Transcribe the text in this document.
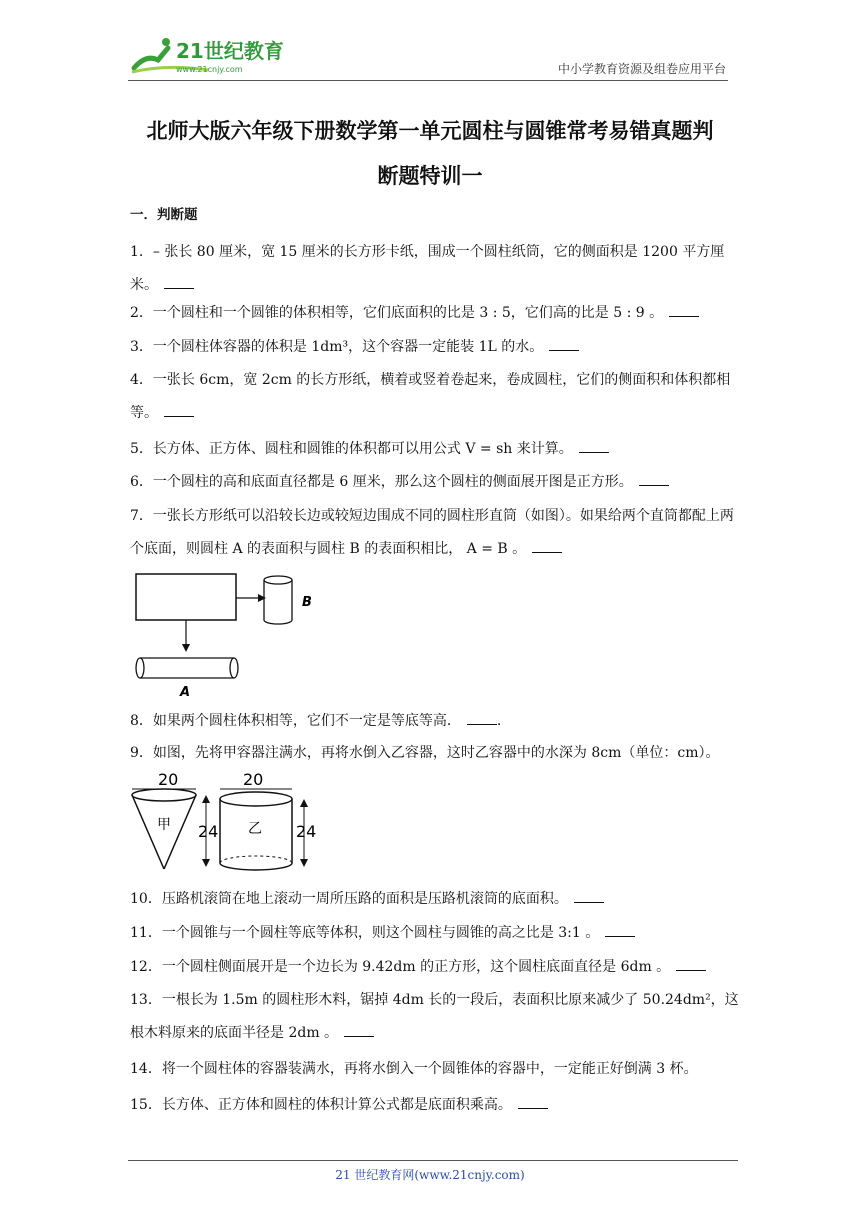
21世纪教育
www.21cnjy.com	中小学教育资源及组卷应用平台
北师大版六年级下册数学第一单元圆柱与圆锥常考易错真题判
断题特训一
一．判断题
1．– 张长 80 厘米，宽 15 厘米的长方形卡纸，围成一个圆柱纸筒，它的侧面积是 1200 平方厘米。
2．一个圆柱和一个圆锥的体积相等，它们底面积的比是 3 : 5，它们高的比是 5 : 9 。
3．一个圆柱体容器的体积是 1dm³，这个容器一定能装 1L 的水。
4．一张长 6cm，宽 2cm 的长方形纸，横着或竖着卷起来，卷成圆柱，它们的侧面积和体积都相等。
5．长方体、正方体、圆柱和圆锥的体积都可以用公式 V = sh 来计算。
6．一个圆柱的高和底面直径都是 6 厘米，那么这个圆柱的侧面展开图是正方形。
7．一张长方形纸可以沿较长边或较短边围成不同的圆柱形直筒（如图）。如果给两个直筒都配上两个底面，则圆柱 A 的表面积与圆柱 B 的表面积相比， A = B 。
B
A
8．如果两个圆柱体积相等，它们不一定是等底等高．	.
9．如图，先将甲容器注满水，再将水倒入乙容器，这时乙容器中的水深为 8cm（单位：cm）。
20
甲 24
20
乙 24
10．压路机滚筒在地上滚动一周所压路的面积是压路机滚筒的底面积。
11．一个圆锥与一个圆柱等底等体积，则这个圆柱与圆锥的高之比是 3:1 。
12．一个圆柱侧面展开是一个边长为 9.42dm 的正方形，这个圆柱底面直径是 6dm 。
13．一根长为 1.5m 的圆柱形木料，锯掉 4dm 长的一段后，表面积比原来减少了 50.24dm²，这根木料原来的底面半径是 2dm 。
14．将一个圆柱体的容器装满水，再将水倒入一个圆锥体的容器中，一定能正好倒满 3 杯。
15．长方体、正方体和圆柱的体积计算公式都是底面积乘高。
21 世纪教育网(www.21cnjy.com)
